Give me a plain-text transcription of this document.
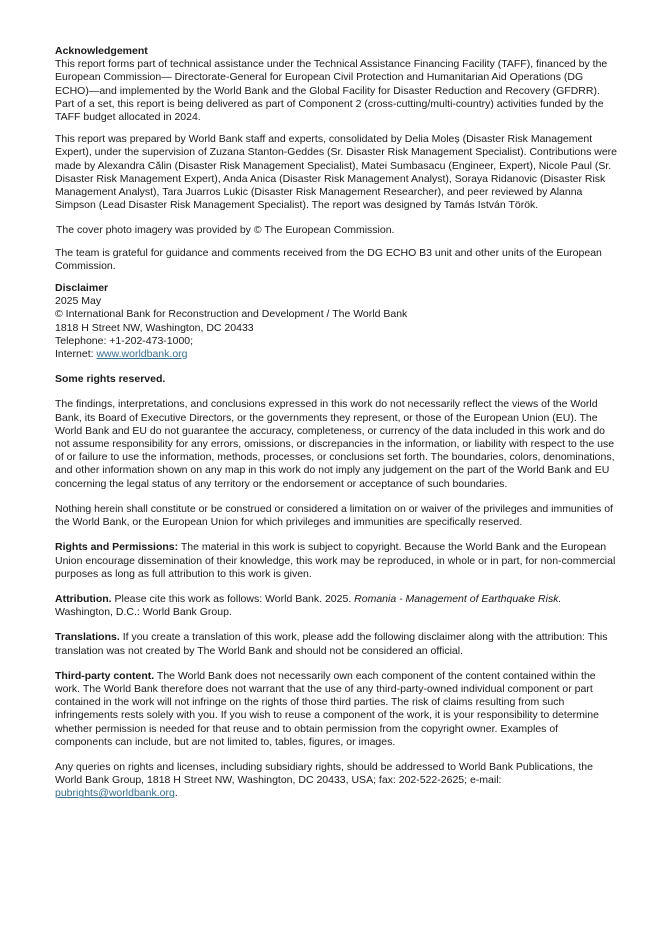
Acknowledgement

This report forms part of technical assistance under the Technical Assistance Financing Facility (TAFF), financed by the European Commission— Directorate-General for European Civil Protection and Humanitarian Aid Operations (DG ECHO)—and implemented by the World Bank and the Global Facility for Disaster Reduction and Recovery (GFDRR). Part of a set, this report is being delivered as part of Component 2 (cross-cutting/multi-country) activities funded by the TAFF budget allocated in 2024.

This report was prepared by World Bank staff and experts, consolidated by Delia Moleș (Disaster Risk Management Expert), under the supervision of Zuzana Stanton-Geddes (Sr. Disaster Risk Management Specialist). Contributions were made by Alexandra Călin (Disaster Risk Management Specialist), Matei Sumbasacu (Engineer, Expert), Nicole Paul (Sr. Disaster Risk Management Expert), Anda Anica (Disaster Risk Management Analyst), Soraya Ridanovic (Disaster Risk Management Analyst), Tara Juarros Lukic (Disaster Risk Management Researcher), and peer reviewed by Alanna Simpson (Lead Disaster Risk Management Specialist). The report was designed by Tamás István Török.

The cover photo imagery was provided by © The European Commission.

The team is grateful for guidance and comments received from the DG ECHO B3 unit and other units of the European Commission.

Disclaimer

2025 May

© International Bank for Reconstruction and Development / The World Bank

1818 H Street NW, Washington, DC 20433

Telephone: +1-202-473-1000;

Internet: www.worldbank.org

Some rights reserved.

The findings, interpretations, and conclusions expressed in this work do not necessarily reflect the views of the World Bank, its Board of Executive Directors, or the governments they represent, or those of the European Union (EU). The World Bank and EU do not guarantee the accuracy, completeness, or currency of the data included in this work and do not assume responsibility for any errors, omissions, or discrepancies in the information, or liability with respect to the use of or failure to use the information, methods, processes, or conclusions set forth. The boundaries, colors, denominations, and other information shown on any map in this work do not imply any judgement on the part of the World Bank and EU concerning the legal status of any territory or the endorsement or acceptance of such boundaries.

Nothing herein shall constitute or be construed or considered a limitation on or waiver of the privileges and immunities of the World Bank, or the European Union for which privileges and immunities are specifically reserved.

Rights and Permissions: The material in this work is subject to copyright. Because the World Bank and the European Union encourage dissemination of their knowledge, this work may be reproduced, in whole or in part, for non-commercial purposes as long as full attribution to this work is given.

Attribution. Please cite this work as follows: World Bank. 2025. Romania - Management of Earthquake Risk. Washington, D.C.: World Bank Group.

Translations. If you create a translation of this work, please add the following disclaimer along with the attribution: This translation was not created by The World Bank and should not be considered an official.

Third-party content. The World Bank does not necessarily own each component of the content contained within the work. The World Bank therefore does not warrant that the use of any third-party-owned individual component or part contained in the work will not infringe on the rights of those third parties. The risk of claims resulting from such infringements rests solely with you. If you wish to reuse a component of the work, it is your responsibility to determine whether permission is needed for that reuse and to obtain permission from the copyright owner. Examples of components can include, but are not limited to, tables, figures, or images.

Any queries on rights and licenses, including subsidiary rights, should be addressed to World Bank Publications, the World Bank Group, 1818 H Street NW, Washington, DC 20433, USA; fax: 202-522-2625; e-mail: pubrights@worldbank.org.
